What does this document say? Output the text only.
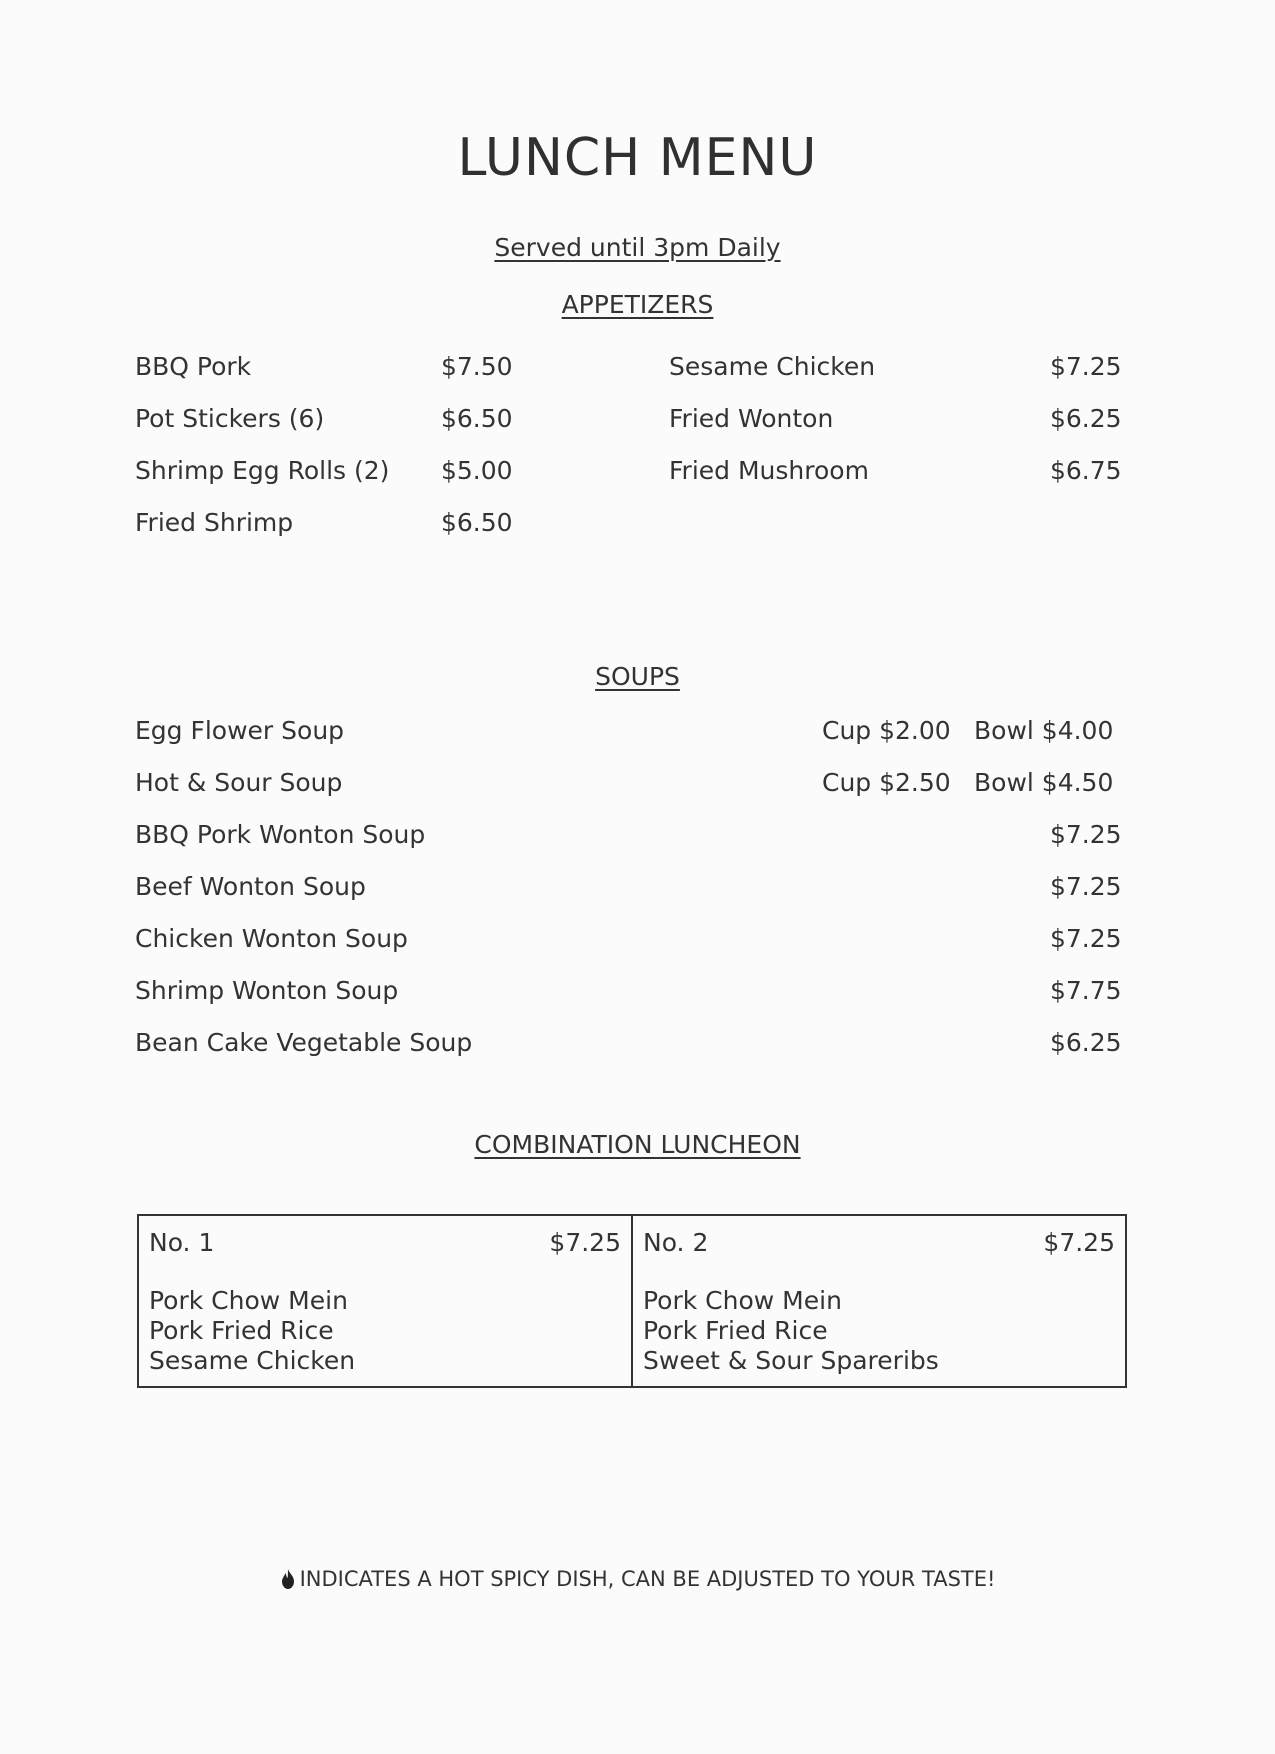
LUNCH MENU
Served until 3pm Daily
APPETIZERS
BBQ Pork	$7.50
Pot Stickers (6)	$6.50
Shrimp Egg Rolls (2) $5.00
Fried Shrimp	$6.50
Sesame Chicken	$7.25
Fried Wonton	$6.25
Fried Mushroom	$6.75
SOUPS
Egg Flower Soup	Cup $2.00 Bowl $4.00
Hot & Sour Soup	Cup $2.50 Bowl $4.50
BBQ Pork Wonton Soup	$7.25
Beef Wonton Soup	$7.25
Chicken Wonton Soup	$7.25
Shrimp Wonton Soup	$7.75
Bean Cake Vegetable Soup	$6.25
COMBINATION LUNCHEON
No. 1	$7.25
Pork Chow Mein
Pork Fried Rice
Sesame Chicken
No. 2	$7.25
Pork Chow Mein
Pork Fried Rice
Sweet & Sour Spareribs
INDICATES A HOT SPICY DISH, CAN BE ADJUSTED TO YOUR TASTE!
